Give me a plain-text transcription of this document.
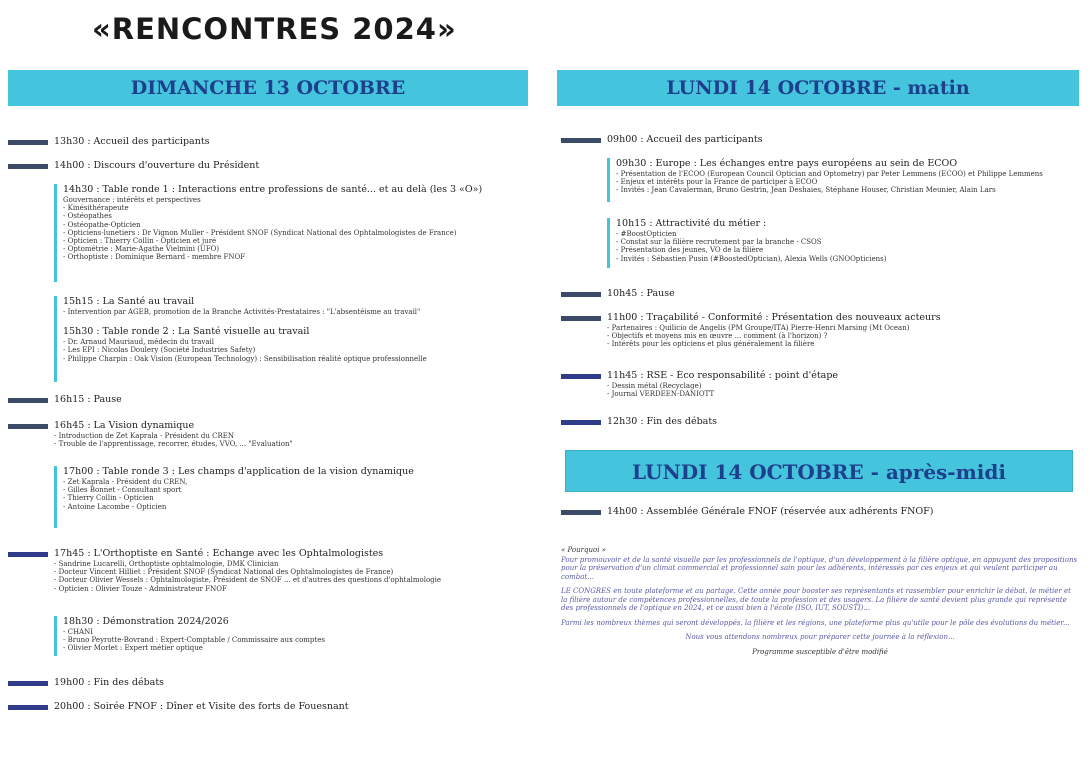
«RENCONTRES 2024»
DIMANCHE 13 OCTOBRE	LUNDI 14 OCTOBRE - matin
LUNDI 14 OCTOBRE - après-midi
13h30 : Accueil des participants
14h00 : Discours d'ouverture du Président
14h30 : Table ronde 1 : Interactions entre professions de santé... et au delà (les 3 «O»)
Gouvernance : intérêts et perspectives
- Kinésithérapeute
- Ostéopathes
- Ostéopathe-Opticien
- Opticiens-lunetiers : Dr Vignon Muller - Président SNOF (Syndicat National des Ophtalmologistes de France)
- Opticien : Thierry Collin - Opticien et juré
- Optométrie : Marie-Agathe Vielmini (UFO)
- Orthoptiste : Dominique Bernard - membre FNOF
15h15 : La Santé au travail
- Intervention par AGEB, promotion de la Branche Activités-Prestataires : "L'absentéisme au travail"
15h30 : Table ronde 2 : La Santé visuelle au travail
- Dr. Arnaud Mauriaud, médecin du travail
- Les EPI : Nicolas Doulery (Société Industries Safety)
- Philippe Charpin : Oak Vision (European Technology) : Sensibilisation réalité optique professionnelle
16h15 : Pause
16h45 : La Vision dynamique
- Introduction de Zet Kaprala - Président du CREN
- Trouble de l'apprentissage, recorrer, études, VVO, ... "Evaluation"
17h00 : Table ronde 3 : Les champs d'application de la vision dynamique
- Zet Kaprala - Président du CREN,
- Gilles Bonnet - Consultant sport
- Thierry Collin - Opticien
- Antoine Lacombe - Opticien
17h45 : L'Orthoptiste en Santé : Échange avec les Ophtalmologistes
- Sandrine Lucarelli, Orthoptiste ophtalmologie, DMK Clinician
- Docteur Vincent Hilliet : Président SNOF (Syndicat National des Ophtalmologistes de France)
- Docteur Olivier Wessels : Ophtalmologiste, Président de SNOF ... et d'autres des questions d'ophtalmologie
- Opticien : Olivier Touze - Administrateur FNOF
18h30 : Démonstration 2024/2026
- CHANI
- Bruno Peyrotte-Bovrand : Expert-Comptable / Commissaire aux comptes
- Olivier Morlet : Expert métier optique
19h00 : Fin des débats
20h00 : Soirée FNOF : Dîner et Visite des forts de Fouesnant
09h00 : Accueil des participants
09h30 : Europe : Les échanges entre pays européens au sein de ECOO
- Présentation de l'ECOO (European Council Optician and Optometry) par Peter Lemmens (ECOO) et Philippe Lemmens
- Enjeux et intérêts pour la France de participer à ECOO
- Invités : Jean Cavalerman, Bruno Gestrin, Jean Deshaies, Stéphane Houser, Christian Meunier, Alain Lars
10h15 : Attractivité du métier :
- #BoostOpticien
- Constat sur la filière recrutement par la branche - CSOS
- Présentation des jeunes, VO de la filière
- Invités : Sébastien Pusin (#BoostedOptician), Alexia Wells (GNOOpticiens)
10h45 : Pause
11h00 : Traçabilité - Conformité : Présentation des nouveaux acteurs
- Partenaires : Quilicio de Angelis (PM Groupe/ITA) Pierre-Henri Marsing (Mt Ocean)
- Objectifs et moyens mis en œuvre ... comment (à l'horizon) ?
- Intérêts pour les opticiens et plus généralement la filière
11h45 : RSE - Éco responsabilité : point d'étape
- Dessin métal (Recyclage)
- Journal VERDEEN-DANIOTT
12h30 : Fin des débats
14h00 : Assemblée Générale FNOF (réservée aux adhérents FNOF)

« Pourquoi »

Pour promouvoir et de la santé visuelle par les professionnels de l'optique, d'un développement à la filière optique, en appuyant des propositions pour la préservation d'un climat commercial et professionnel sain pour les adhérents, intéressés par ces enjeux et qui veulent participer au combat...

LE CONGRES en toute plateforme et au partage. Cette année pour booster ses représentants et rassembler pour enrichir le débat, le métier et la filière autour de compétences professionnelles, de toute la profession et des usagers. La filière de santé devient plus grande qui représente des professionnels de l'optique en 2024, et ce aussi bien à l'école (ISO, IUT, SOUSTI)...

Parmi les nombreux thèmes qui seront développés, la filière et les régions, une plateforme plus qu'utile pour le pôle des évolutions du métier...

Nous vous attendons nombreux pour préparer cette journée à la réflexion...

Programme susceptible d'être modifié
